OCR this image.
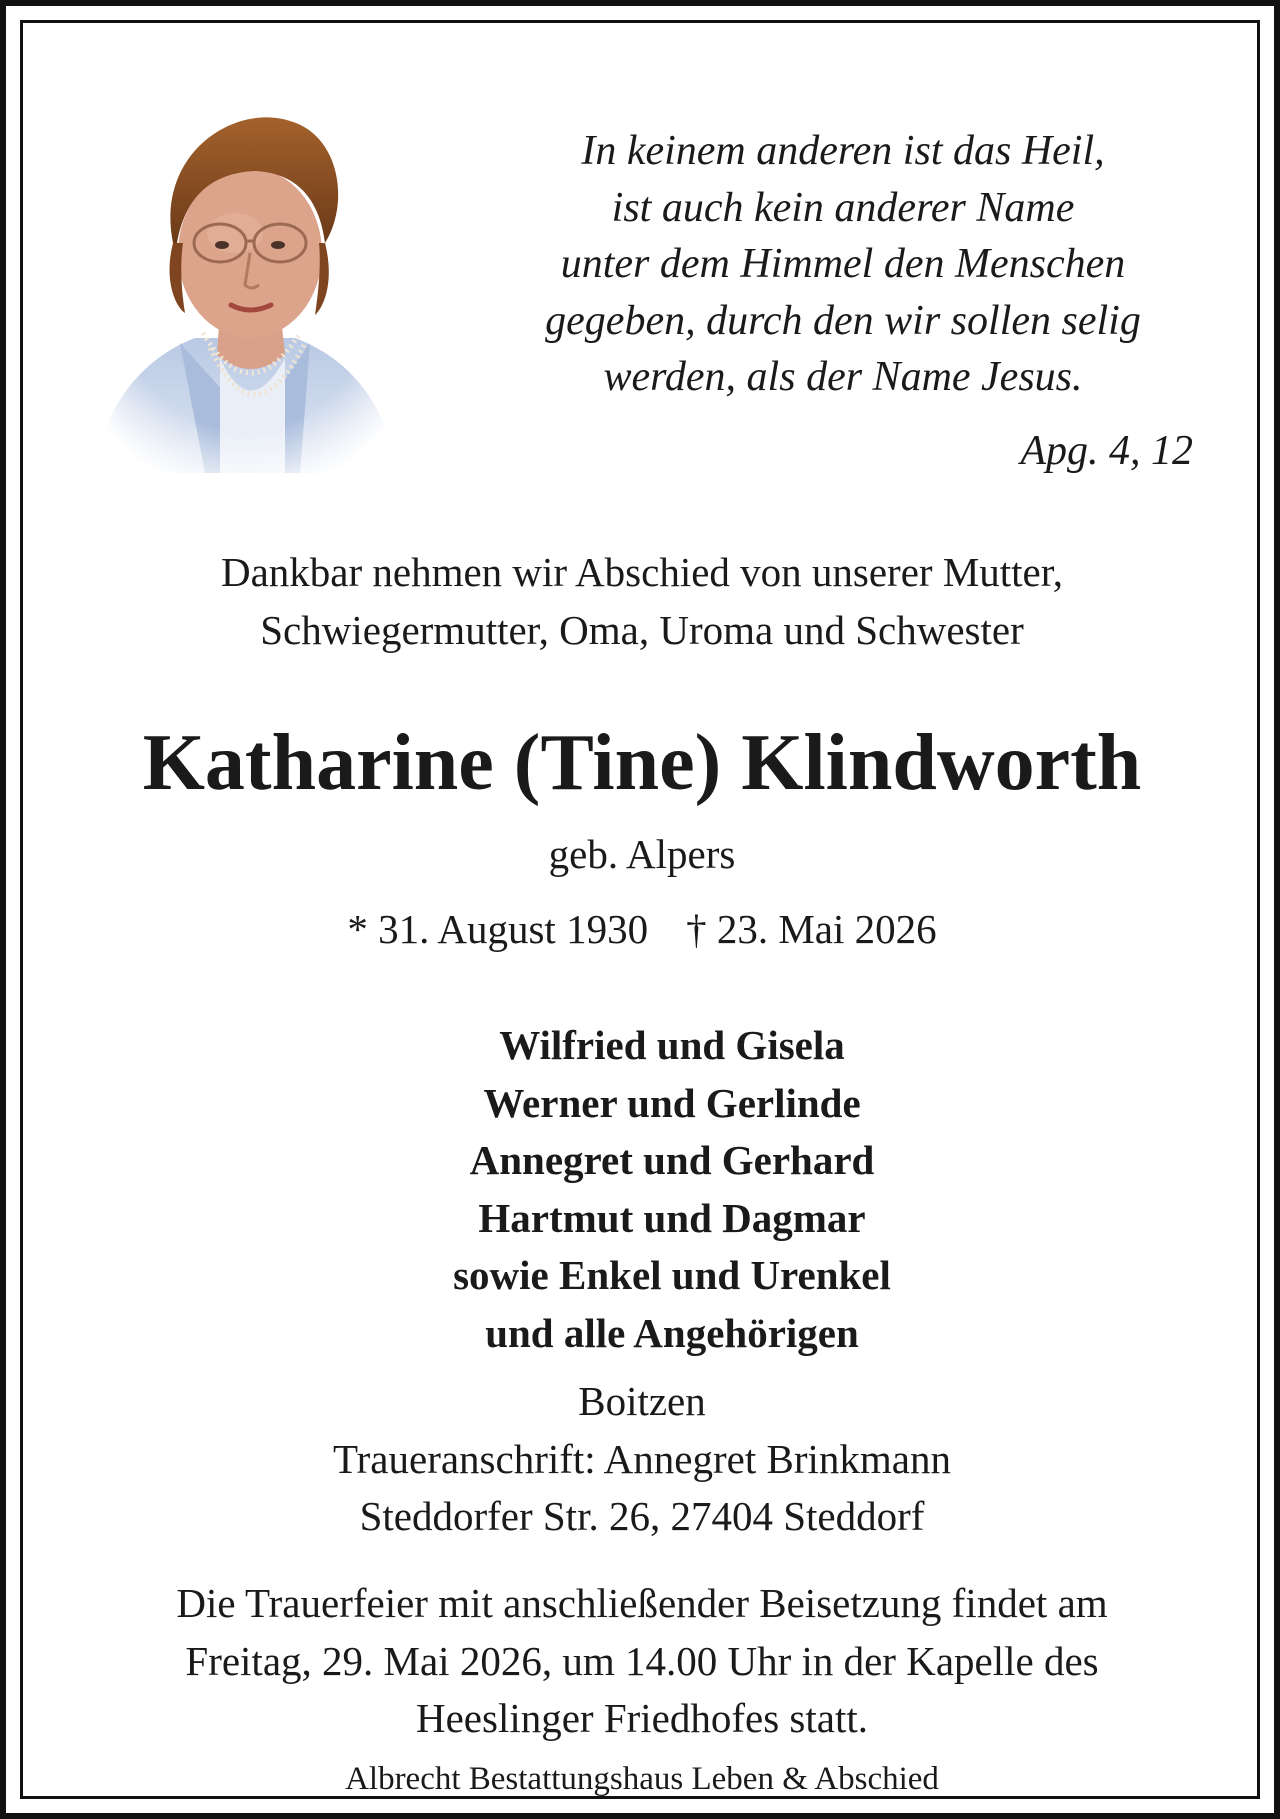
In keinem anderen ist das Heil,
ist auch kein anderer Name
unter dem Himmel den Menschen
gegeben, durch den wir sollen selig
werden, als der Name Jesus.
Apg. 4, 12
Dankbar nehmen wir Abschied von unserer Mutter,
Schwiegermutter, Oma, Uroma und Schwester
Katharine (Tine) Klindworth
geb. Alpers
* 31. August 1930 † 23. Mai 2026
Wilfried und Gisela
Werner und Gerlinde
Annegret und Gerhard
Hartmut und Dagmar
sowie Enkel und Urenkel
und alle Angehörigen
Boitzen
Traueranschrift: Annegret Brinkmann
Steddorfer Str. 26, 27404 Steddorf
Die Trauerfeier mit anschließender Beisetzung findet am
Freitag, 29. Mai 2026, um 14.00 Uhr in der Kapelle des
Heeslinger Friedhofes statt.
Albrecht Bestattungshaus Leben & Abschied
